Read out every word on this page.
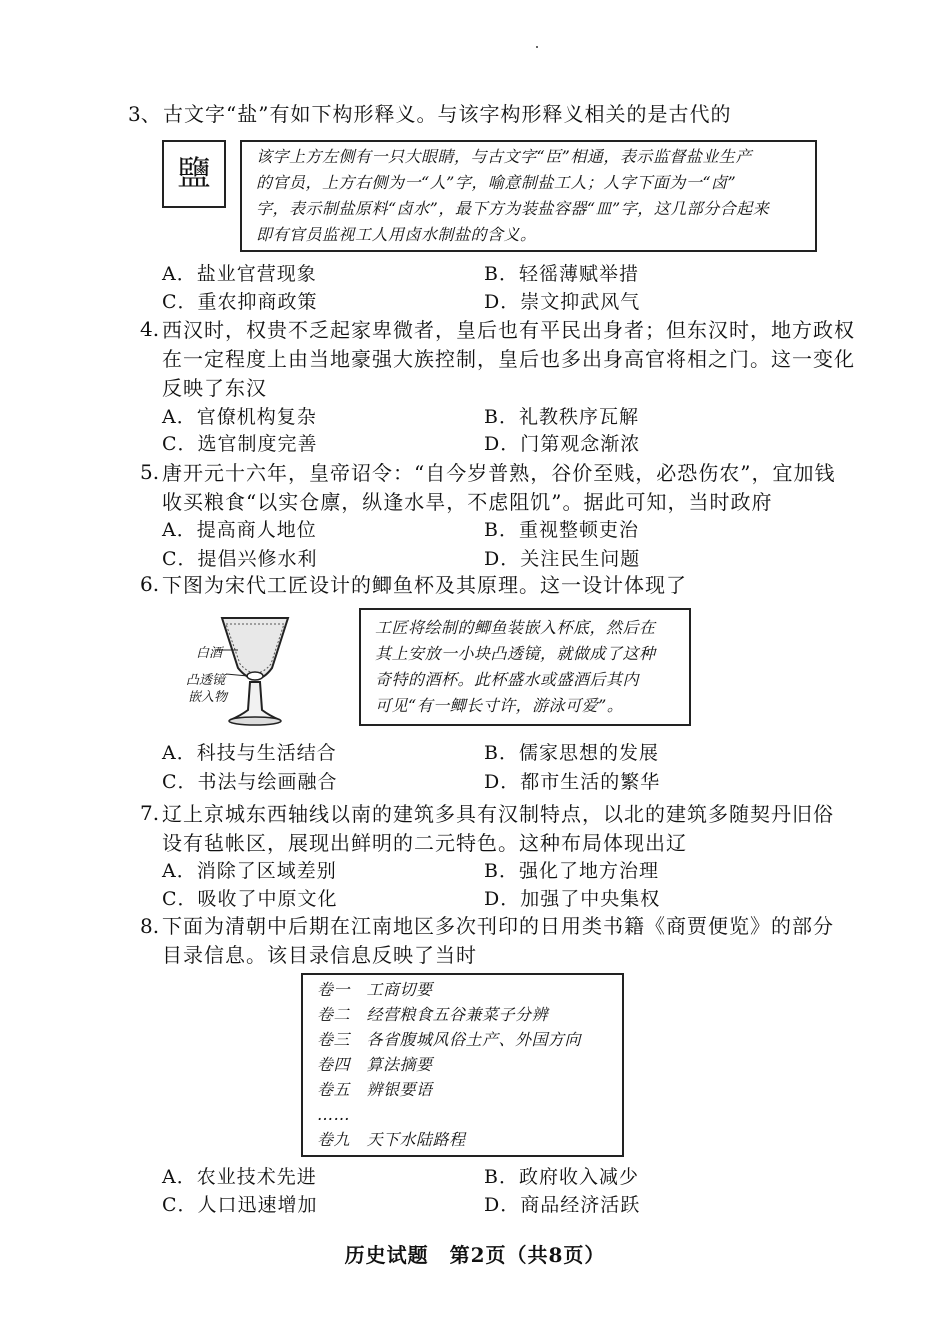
3、 古文字“盐”有如下构形释义。与该字构形释义相关的是古代的
鹽	该字上方左侧有一只大眼睛，与古文字“臣”相通，表示监督盐业生产
的官员，上方右侧为一“人”字，喻意制盐工人；人字下面为一“卤”
字，表示制盐原料“卤水”，最下方为装盐容器“皿”字，这几部分合起来
即有官员监视工人用卤水制盐的含义。
A．盐业官营现象	B．轻徭薄赋举措
C．重农抑商政策	D．崇文抑武风气
4. 西汉时，权贵不乏起家卑微者，皇后也有平民出身者；但东汉时，地方政权
在一定程度上由当地豪强大族控制，皇后也多出身高官将相之门。这一变化
反映了东汉
A．官僚机构复杂	B．礼教秩序瓦解
C．选官制度完善	D．门第观念渐浓
5. 唐开元十六年，皇帝诏令：“自今岁普熟，谷价至贱，必恐伤农”，宜加钱
收买粮食“以实仓廪，纵逢水旱，不虑阻饥”。据此可知，当时政府
A．提高商人地位	B．重视整顿吏治
C．提倡兴修水利	D．关注民生问题
6. 下图为宋代工匠设计的鲫鱼杯及其原理。这一设计体现了
白酒
凸透镜
嵌入物
工匠将绘制的鲫鱼装嵌入杯底，然后在
其上安放一小块凸透镜，就做成了这种
奇特的酒杯。此杯盛水或盛酒后其内
可见“有一鲫长寸许，游泳可爱”。
A．科技与生活结合	B．儒家思想的发展
C．书法与绘画融合	D．都市生活的繁华
7. 辽上京城东西轴线以南的建筑多具有汉制特点，以北的建筑多随契丹旧俗
设有毡帐区，展现出鲜明的二元特色。这种布局体现出辽
A．消除了区域差别	B．强化了地方治理
C．吸收了中原文化	D．加强了中央集权
8. 下面为清朝中后期在江南地区多次刊印的日用类书籍《商贾便览》的部分
目录信息。该目录信息反映了当时
卷一　工商切要
卷二　经营粮食五谷兼菜子分辨
卷三　各省腹城风俗土产、外国方向
卷四　算法摘要
卷五　辨银要语
……
卷九　天下水陆路程
A．农业技术先进	B．政府收入减少
C．人口迅速增加	D．商品经济活跃
历史试题　第2页（共8页）
